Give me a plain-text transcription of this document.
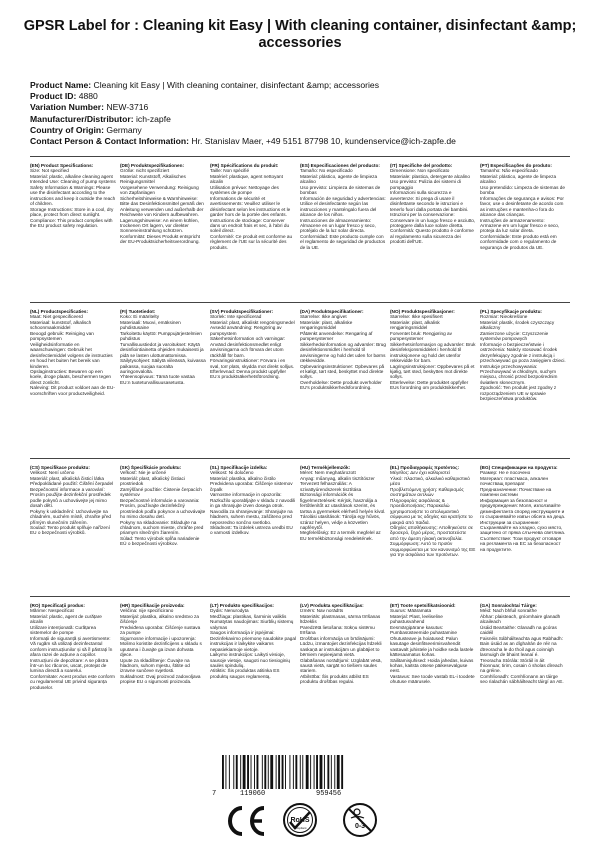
GPSR Label for : Cleaning kit Easy | With cleaning container, disinfectant &amp; accessories
Product Name: Cleaning kit Easy | With cleaning container, disinfectant &amp; accessories
Product ID: 4880
Variation Number: NEW-3716
Manufacturer/Distributor: ich-zapfe
Country of Origin: Germany
Contact Person & Contact Information: Hr. Stanislav Maer, +49 5151 87798 10, kundenservice@ich-zapfe.de
(EN) Product Specifications:
Size: Not specified
Material: plastic, alkaline cleaning agent
Intended Use: Cleaning of pump systems
Safety Information & Warnings: Please use the disinfectant according to the instructions and keep it outside the reach of children.
Storage Instructions: Store in a cool, dry place, protect from direct sunlight.
Compliance: This product complies with the EU product safety regulation.
(DE) Produktspezifikationen:
Größe: nicht spezifiziert
Material: Kunststoff, Alkalisches Reinigungsmittel
Vorgesehene Verwendung: Reinigung von Zapfanlagen
Sicherheitshinweise & Warnhinweise: Bitte das Desinfektionsmittel gemäß den Anleitung verwenden und außerhalb der Reichweite von Kindern aufbewahren.
Lagerungshinweise: An einem kühlen, trockenen Ort lagern, vor direkter Sonneneinstrahlung schützen.
Konformität: Dieses Produkt entspricht der EU-Produktsicherheitsverordnung.
(FR) Spécifications du produit:
Taille: Non spécifié
Matériel: plastique, agent nettoyant alcalin
Utilisation prévue: Nettoyage des systèmes de pompe
Informations de sécurité et avertissements: Veuillez utiliser le désinfectant selon les instructions et le garder hors de la portée des enfants.
Instructions de stockage: Conserver dans un endroit frais et sec, à l'abri du soleil direct.
Conformité: Ce produit est conforme au règlement de l'UE sur la sécurité des produits.
(ES) Especificaciones del producto:
Tamaño: No especificado
Material: plástico, agente de limpieza alcalino
Uso previsto: Limpieza de sistemas de bombas
Información de seguridad y advertencias: Utilice el desinfectante según las instrucciones y manténgalo fuera del alcance de los niños.
Instrucciones de almacenamiento: Almacene en un lugar fresco y seco, protéjalo de la luz solar directa.
Conformidad: Este producto cumple con el reglamento de seguridad de productos de la UE.
(IT) Specifiche del prodotto:
Dimensione: Non specificato
Materiale: plastica, detergente alcalino
Uso previsto: Pulizia dei sistemi di pompaggio
Informazioni sulla sicurezza e avvertenze: Si prega di usare il disinfettante secondo le istruzioni e tenerlo fuori dalla portata dei bambini.
Istruzioni per la conservazione: Conservare in un luogo fresco e asciutto, proteggere dalla luce solare diretta.
Conformità: Questo prodotto è conforme al regolamento sulla sicurezza dei prodotti dell'UE.
(PT) Especificações do produto:
Tamanho: Não especificado
Material: plástico, agente de limpeza alcalino
Uso pretendido: Limpeza de sistemas de bomba
Informações de segurança e avisos: Por favor, use o desinfetante de acordo com as instruções e mantenha-o fora do alcance das crianças.
Instruções de armazenamento: Armazene em um lugar fresco e seco, proteja da luz solar direta.
Conformidade: Este produto está em conformidade com o regulamento de segurança de produtos da UE.
(NL) Productspecificaties:
Maat: Niet gespecificeerd
Materiaal: kunststof, alkalisch schoonmaakmiddel
Beoogd gebruik: Reiniging van pompsystemen
Veiligheidsinformatie en waarschuwingen: Gebruik het desinfectiemiddel volgens de instructies en houd het buiten het bereik van kinderen.
Opslaginstructies: Bewaren op een koele, droge plaats, beschermen tegen direct zonlicht.
Naleving: Dit product voldoet aan de EU-voorschriften voor productveiligheid.
(FI) Tuotetiedot:
Koko: Ei määritelty
Materiaali: Muovi, emäksinen puhdistusaine
Tarkoitettu käyttö: Pumppujärjestelmien puhdistus
Turvallisuustiedot ja varoitukset: Käytä desinfiointiainetta ohjeiden mukaisesti ja pidä se lasten ulottumattomissa.
Säilytysohjeet: Säilytä viileässä, kuivassa paikassa, suojaa suoralta auringonvalolta.
Yhteensopivuus: Tämä tuote vastaa EU:n tuoteturvallisuusasetusta.
(SV) Produktspecifikationer:
Storlek: Inte specificerad
Material: plast, alkaliskt rengöringsmedel
Avsedd användning: Rengöring av pumpsystem
Säkerhetsinformation och varningar: Använd desinfektionsmedlet enligt anvisningarna och förvara det utom räckhåll för barn.
Förvaringsinstruktioner: Förvara i en sval, torr plats, skydda mot direkt solljus.
Efterlevnad: Denna produkt uppfyller EU:s produktsäkerhetsförordning.
(DA) Produktspecifikationer:
Størrelse: Ikke angivet
Materiale: plast, alkaliske rengøringsmiddel
Påtænkt anvendelse: Rengøring af pumpesystemer
Sikkerhedsinformation og advarsler: Brug desinfektionsmidlet i henhold til anvisningerne og hold det uden for børns rækkevidde.
Opbevaringsinstruktioner: Opbevares på et køligt, tørt sted, beskyttet mod direkte sollys.
Overholdelse: Dette produkt overholder EU's produktsikkerhedsforordning.
(NO) Produktspesifikasjoner:
Størrelse: Ikke spesifisert
Materiale: plast, alkalisk rengjøringsmiddel
Forventet bruk: Rengjøring av pumpesystemer
Sikkerhetsinformasjon og advarsler: Bruk desinfeksjonsmiddelet i henhold til instruksjonene og hold det utenfor rekkevidde for barn.
Lagringsinstruksjoner: Oppbevares på et kjølig, tørt sted, beskyttes mot direkte sollys.
Etterlevelse: Dette produktet oppfyller EUs forordning om produktsikkerhet.
(PL) Specyfikacje produktu:
Rozmiar: Nieokreślone
Materiał: plastik, środek czyszczący alkaliczny
Zamierzone użycie: Czyszczenie systemów pompowych
Informacje o bezpieczeństwie i ostrzeżenia: Należy stosować środek dezynfekujący zgodnie z instrukcją i przechowywać go poza zasięgiem dzieci.
Instrukcje przechowywania: Przechowywać w chłodnym, suchym miejscu, chronić przed bezpośrednim światłem słonecznym.
Zgodność: Ten produkt jest zgodny z rozporządzeniem UE w sprawie bezpieczeństwa produktów.
(CS) Specifikace produktu:
Velikost: Není určeno
Materiál: plast, alkalická čisticí látka
Předpokládané použití: Čištění čerpadel
Bezpečnostní informace a varování: Prosím použijte dezinfekční prostředek podle pokynů a uchovávejte jej mimo dosah dětí.
Pokyny k uskladnění: Uchovávejte na chladném, suchém místě, chraňte před přímým slunečním zářením.
Soulad: Tento produkt splňuje nařízení EU o bezpečnosti výrobků.
(SK) Špecifikácie produktu:
Veľkosť: Nie je určené
Materiál: plast, alkalický čistiaci prostriedok
Zamýšľané použitie: Čistenie čerpacích systémov
Bezpečnostné informácie a varovania: Prosím, používajte dezinfekčný prostriedok podľa pokynov a uchovávajte ho mimo dosahu detí.
Pokyny na skladovanie: Skladujte na chladnom, suchom mieste, chráňte pred priamym slnečným žiarením.
Súlad: Tento výrobok spĺňa nariadenie EÚ o bezpečnosti výrobkov.
(SL) Specifikacije izdelka:
Velikost: Ni določeno
Material: plastika, alkalno čistilo
Predvidena uporaba: Čiščenje sistemov črpalk
Varnostne informacije in opozorila: Razkužilo uporabljajte v skladu z navodili in ga shranjujte izven dosega otrok.
Navodila za shranjevanje: Shranjujte na hladnem, suhem mestu, zaščiteno pred neposredno sončno svetlobo.
Skladnost: Ta izdelek ustreza uredbi EU o varnosti izdelkov.
(HU) Termékjellemzők:
Méret: Nem meghatározott
Anyag: műanyag, alkalin tisztítószer
Tervezett felhasználás: A szivattyúrendszerek tisztítása
Biztonsági információk és figyelmeztetések: Kérjük, használja a fertőtlenítőt az utasítások szerint, és tartsa a gyermekek elérhető helyén kívül.
Tárolási utasítások: Tárolja egy hűvös, száraz helyen, védje a közvetlen napfénytől.
Megfelelőség: Ez a termék megfelel az EU termékbiztonsági rendeletének.
(EL) Προδιαγραφές προϊόντος:
Μέγεθος: Δεν έχει καθοριστεί
Υλικό: πλαστικό, αλκαλικό καθαριστικό μέσο
Προβλεπόμενη χρήση: Καθαρισμός συστημάτων αντλιών
Πληροφορίες ασφάλειας & προειδοποιήσεις: Παρακαλώ χρησιμοποιήστε το απολυμαντικό σύμφωνα με τις οδηγίες και κρατήστε το μακριά από παιδιά.
Οδηγίες αποθήκευσης: Αποθηκεύστε σε δροσερό, ξηρό μέρος, προστατεύστε από την άμεση ηλιακή ακτινοβολία.
Συμμόρφωση: Αυτό το προϊόν συμμορφώνεται με τον κανονισμό της ΕΕ για την ασφάλεια των προϊόντων.
(BG) Спецификации на продукта:
Размер: Не е посочено
Материал: пластмаса, алкален почистващ препарат
Предназначение: Почистване на помпени системи
Информация за безопасност и предупреждения: Моля, използвайте дезинфектанта според инструкциите и го съхранявайте извън обсега на деца.
Инструкции за съхранение: Съхранявайте на хладно, сухо място, защитено от пряка слънчева светлина.
Съответствие: Този продукт отговаря на регламента на ЕС за безопасност на продуктите.
(RO) Specificații produs:
Mărime: Nespecificat
Material: plastic, agent de curățare alcalin
Utilizare intenționată: Curățarea sistemelor de pompe
Informații de siguranță și avertismente: Vă rugăm să utilizați dezinfectantul conform instrucțiunilor și să îl păstrați în afara razei de acțiune a copiilor.
Instrucțiuni de depozitare: A se păstra într-un loc răcoros, uscat, protejat de lumina directă a soarelui.
Conformitate: Acest produs este conform cu regulamentul UE privind siguranța produselor.
(HR) Specifikacije proizvoda:
Veličina: nije specificirano
Materijal: plastika, alkalno sredstvo za čišćenje
Predviđena uporaba: Čišćenje sustava za pumpe
Sigurnosne informacije i upozorenja: Molimo koristite dezinficijens u skladu s uputama i čuvajte ga izvan dohvata djece.
Upute za skladištenje: Čuvajte na hladnom, suhom mjestu, štitite od izravne sunčeve svjetlosti.
Sukladnost: Ovaj proizvod zadovoljava propise EU o sigurnosti proizvoda.
(LT) Produkto specifikacijos:
Dydis: Nenurodyta
Medžiaga: plastikas, šarminis valiklis
Numatytas naudojimas: Siurblių sistemų valymas
Saugos informacija ir įspėjimai: Dezinfekavimo priemonę naudokite pagal instrukcijas ir laikykite vaikams nepasiekiamoje vietoje.
Laikymo instrukcijos: Laikyti vėsioje, sausoje vietoje, saugoti nuo tiesioginių saulės spindulių.
Atitiktis: Šis produktas atitinka ES produktų saugos reglamentą.
(LV) Produkta specifikācijas:
Izmērs: Nav norādīts
Materiāls: plastmasas, sārma tīrīšanas līdzeklis
Paredzētā lietošana: Sūkņu sistēmu tīrīšana
Drošības informācija un brīdinājumi: Lūdzu, izmantojiet dezinfekcijas līdzekli saskaņā ar instrukcijām un glabājiet to bērniem nepieejamā vietā.
Glabāšanas norādījumi: Uzglabāt vēsā, sausā vietā, sargāt no tiešiem saules stariem.
Atbilstība: Šis produkts atbilst ES produktu drošības regulai.
(ET) Toote spetsifikatsioonid:
Suurus: Määramata
Materjal: Plast, leeliseline puhastusvahend
Eesmärgipärane kasutus: Pumbasüsteemide puhastamine
Ohutusteave ja hoiatused: Palun kasutage desinfitseerimisvahendit vastavalt juhistele ja hoidke seda lastele kättesaamatus kohas.
Säilitamisjuhised: Hoida jahedas, kuivas kohas, kaitsta otsese päikesevalguse eest.
Vastavus: See toode vastab EL-i toodete ohutuse määrusele.
(GA) Sonraíochtaí Táirge:
Méid: Nach bhfuil sonraithe
Ábhar: plaisteach, gníomhaire glanadh alcaileach
Úsáid Beartaithe: Glanadh na gcóras caidéil
Faisnéis Sábháilteachta agus Rabhadh: Bain úsáid as an díghalrán de réir na dtreoracha le do thoil agus coinnigh lasmuigh de bhaint leanaí é.
Treoracha Stórála: Stóráil in áit fhionnuar, tirim, cosain ó sholas díreach na gréine.
Comhlíonadh: Comhlíonann an táirge seo rialachán sábháilteacht táirgí an AE.
7	119060	959456
RoHS
compliant	0-3
